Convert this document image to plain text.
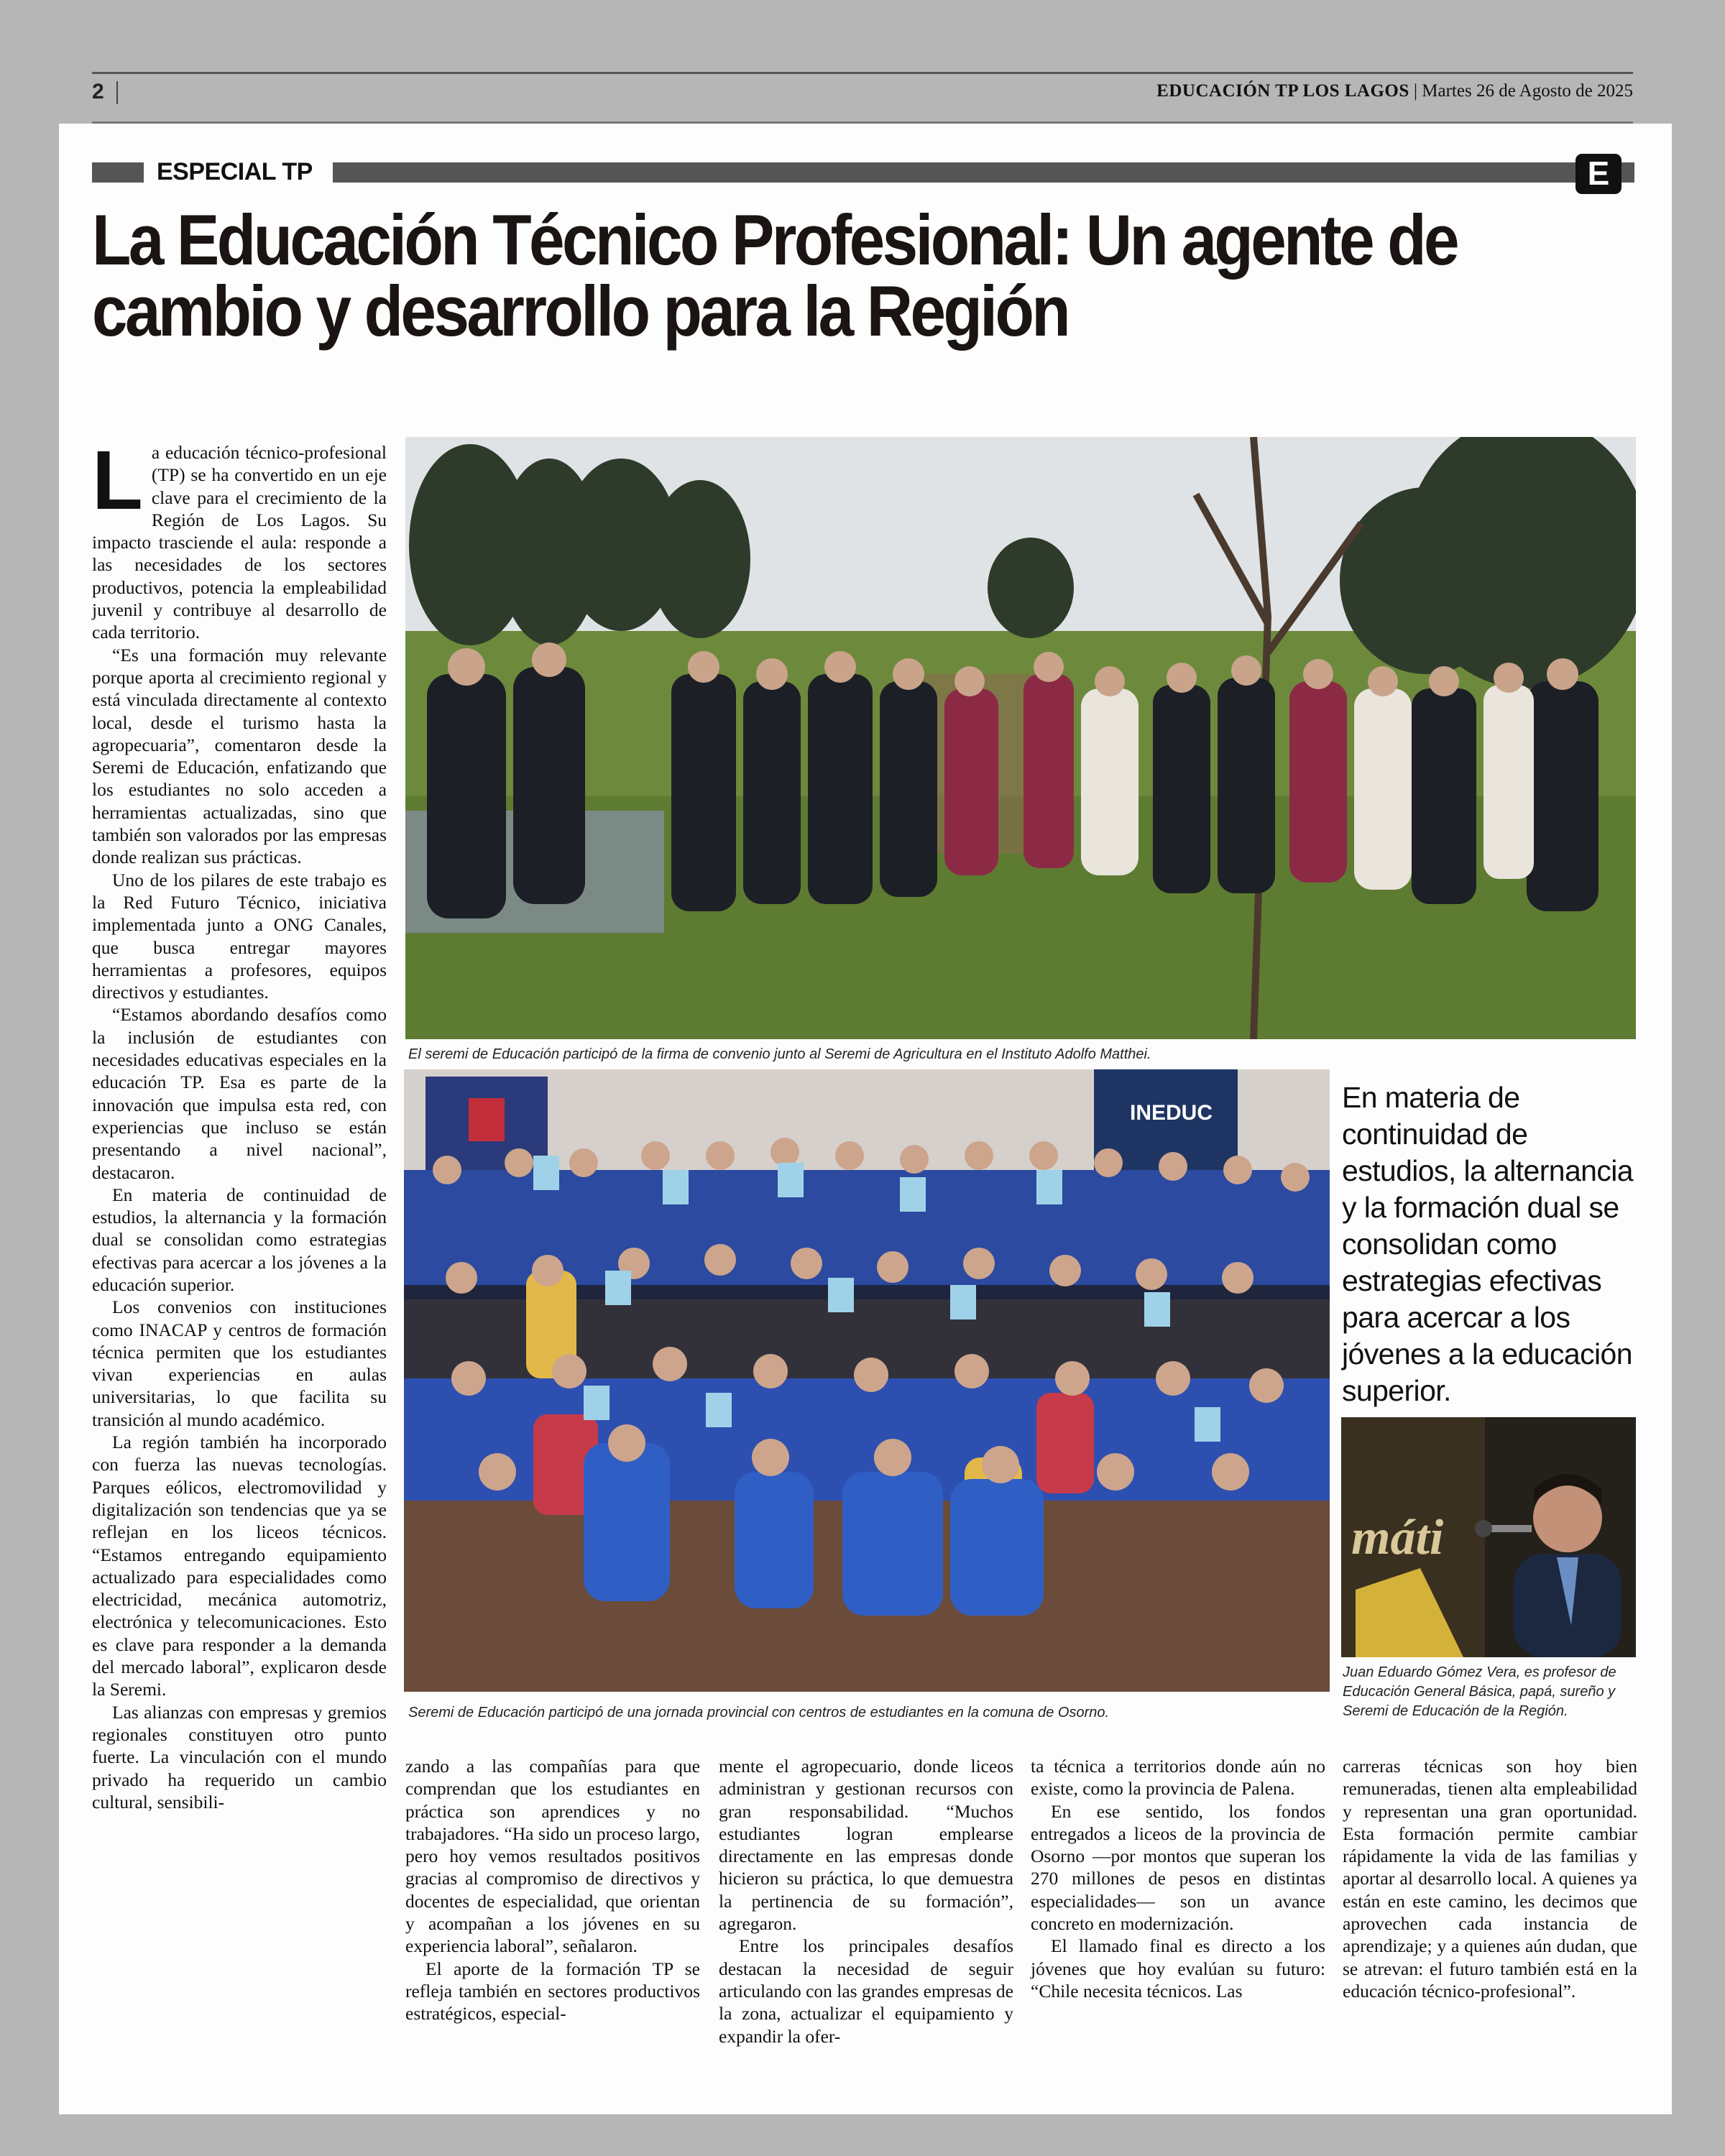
2	EDUCACIÓN TP LOS LAGOS | Martes 26 de Agosto de 2025
ESPECIAL TP	E
La Educación Técnico Profesional: Un agente de cambio y desarrollo para la Región
L a educación técnico-profesional (TP) se ha convertido en un eje clave para el crecimiento de la Región de Los Lagos. Su impacto trasciende el aula: responde a las necesidades de los sectores productivos, potencia la empleabilidad juvenil y contribuye al desarrollo de cada territorio.

“Es una formación muy relevante porque aporta al crecimiento regional y está vinculada directamente al contexto local, desde el turismo hasta la agropecuaria”, comentaron desde la Seremi de Educación, enfatizando que los estudiantes no solo acceden a herramientas actualizadas, sino que también son valorados por las empresas donde realizan sus prácticas.

Uno de los pilares de este trabajo es la Red Futuro Técnico, iniciativa implementada junto a ONG Canales, que busca entregar mayores herramientas a profesores, equipos directivos y estudiantes.

“Estamos abordando desafíos como la inclusión de estudiantes con necesidades educativas especiales en la educación TP. Esa es parte de la innovación que impulsa esta red, con experiencias que incluso se están presentando a nivel nacional”, destacaron.

En materia de continuidad de estudios, la alternancia y la formación dual se consolidan como estrategias efectivas para acercar a los jóvenes a la educación superior.

Los convenios con instituciones como INACAP y centros de formación técnica permiten que los estudiantes vivan experiencias en aulas universitarias, lo que facilita su transición al mundo académico.

La región también ha incorporado con fuerza las nuevas tecnologías. Parques eólicos, electromovilidad y digitalización son tendencias que ya se reflejan en los liceos técnicos. “Estamos entregando equipamiento actualizado para especialidades como electricidad, mecánica automotriz, electrónica y telecomunicaciones. Esto es clave para responder a la demanda del mercado laboral”, explicaron desde la Seremi.

Las alianzas con empresas y gremios regionales constituyen otro punto fuerte. La vinculación con el mundo privado ha requerido un cambio cultural, sensibili-

El seremi de Educación participó de la firma de convenio junto al Seremi de Agricultura en el Instituto Adolfo Matthei.
INEDUC
Seremi de Educación participó de una jornada provincial con centros de estudiantes en la comuna de Osorno.

En materia de continuidad de estudios, la alternancia y la formación dual se consolidan como estrategias efectivas para acercar a los jóvenes a la educación superior.

máti
Juan Eduardo Gómez Vera, es profesor de Educación General Básica, papá, sureño y Seremi de Educación de la Región.

zando a las compañías para que comprendan que los estudiantes en práctica son aprendices y no trabajadores. “Ha sido un proceso largo, pero hoy vemos resultados positivos gracias al compromiso de directivos y docentes de especialidad, que orientan y acompañan a los jóvenes en su experiencia laboral”, señalaron.

El aporte de la formación TP se refleja también en sectores productivos estratégicos, especial-

mente el agropecuario, donde liceos administran y gestionan recursos con gran responsabilidad. “Muchos estudiantes logran emplearse directamente en las empresas donde hicieron su práctica, lo que demuestra la pertinencia de su formación”, agregaron.

Entre los principales desafíos destacan la necesidad de seguir articulando con las grandes empresas de la zona, actualizar el equipamiento y expandir la ofer-

ta técnica a territorios donde aún no existe, como la provincia de Palena.

En ese sentido, los fondos entregados a liceos de la provincia de Osorno —por montos que superan los 270 millones de pesos en distintas especialidades— son un avance concreto en modernización.

El llamado final es directo a los jóvenes que hoy evalúan su futuro: “Chile necesita técnicos. Las

carreras técnicas son hoy bien remuneradas, tienen alta empleabilidad y representan una gran oportunidad. Esta formación permite cambiar rápidamente la vida de las familias y aportar al desarrollo local. A quienes ya están en este camino, les decimos que aprovechen cada instancia de aprendizaje; y a quienes aún dudan, que se atrevan: el futuro también está en la educación técnico-profesional”.
